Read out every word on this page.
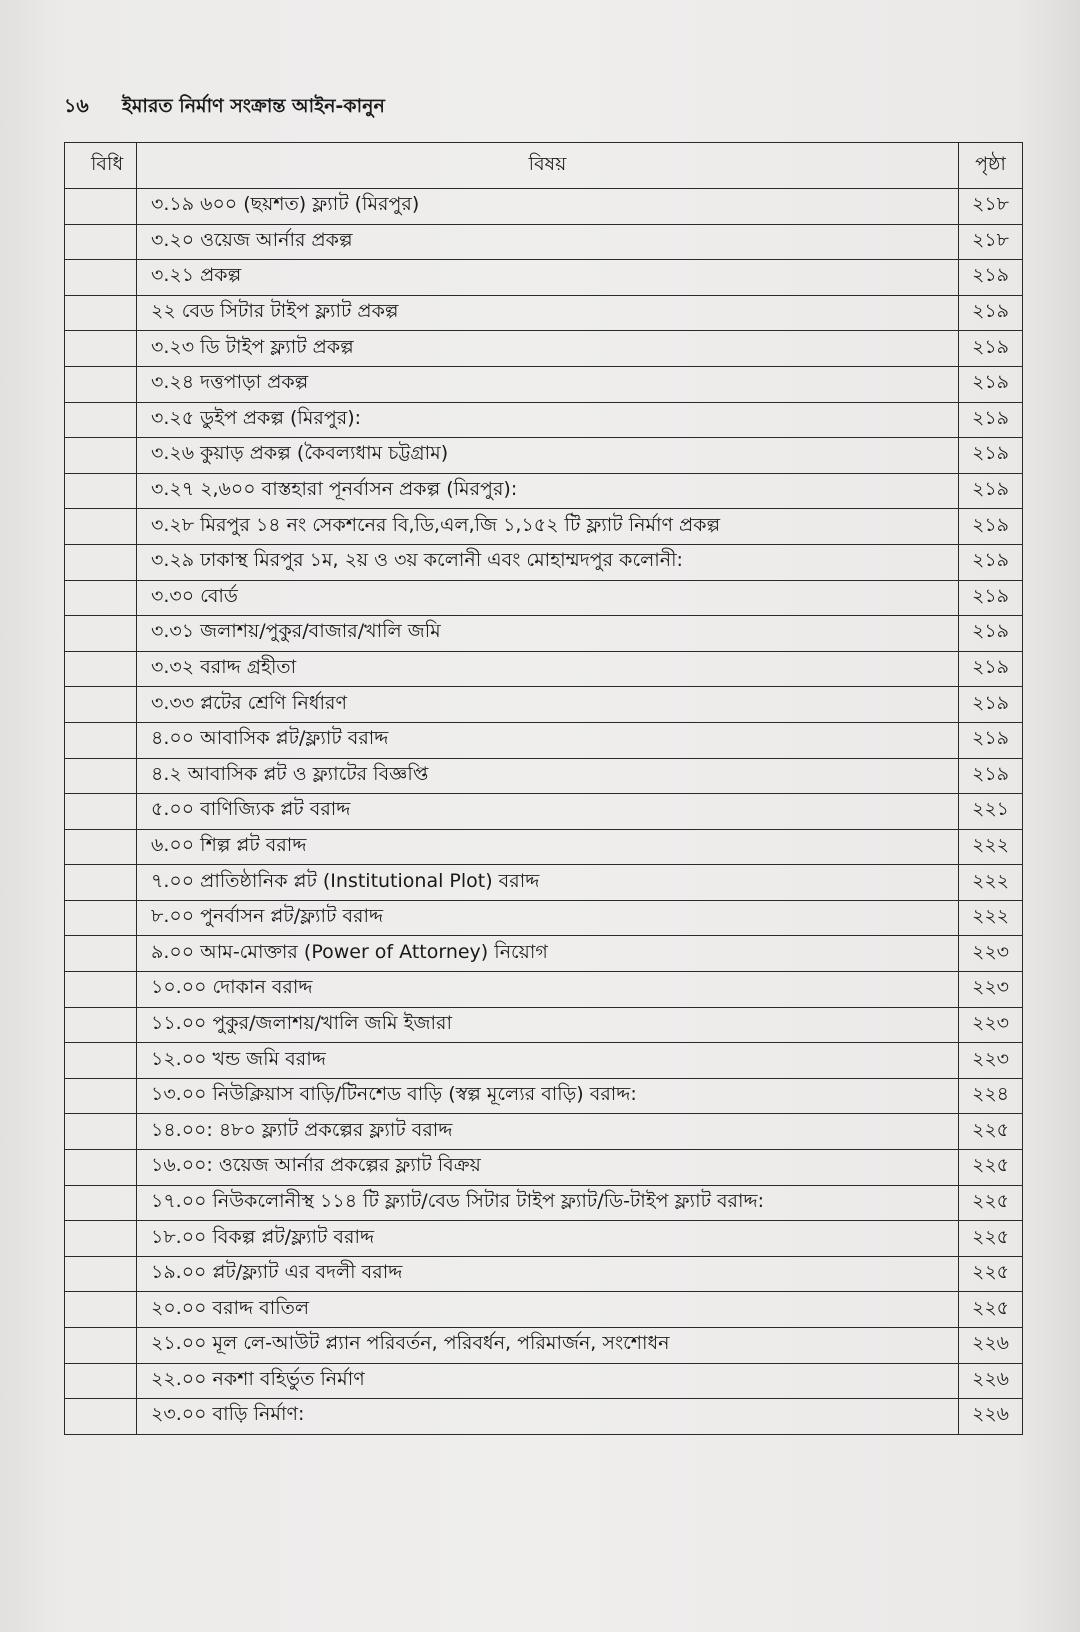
১৬ ইমারত নির্মাণ সংক্রান্ত আইন-কানুন
বিধি	বিষয়	পৃষ্ঠা
	৩.১৯ ৬০০ (ছয়শত) ফ্ল্যাট (মিরপুর)	২১৮
	৩.২০ ওয়েজ আর্নার প্রকল্প	২১৮
	৩.২১ প্রকল্প	২১৯
	২২ বেড সিটার টাইপ ফ্ল্যাট প্রকল্প	২১৯
	৩.২৩ ডি টাইপ ফ্ল্যাট প্রকল্প	২১৯
	৩.২৪ দত্তপাড়া প্রকল্প	২১৯
	৩.২৫ ডুইপ প্রকল্প (মিরপুর):	২১৯
	৩.২৬ কুয়াড় প্রকল্প (কৈবল্যধাম চট্টগ্রাম)	২১৯
	৩.২৭ ২,৬০০ বাস্তহারা পূনর্বাসন প্রকল্প (মিরপুর):	২১৯
	৩.২৮ মিরপুর ১৪ নং সেকশনের বি,ডি,এল,জি ১,১৫২ টি ফ্ল্যাট নির্মাণ প্রকল্প	২১৯
	৩.২৯ ঢাকাস্থ মিরপুর ১ম, ২য় ও ৩য় কলোনী এবং মোহাম্মদপুর কলোনী:	২১৯
	৩.৩০ বোর্ড	২১৯
	৩.৩১ জলাশয়/পুকুর/বাজার/খালি জমি	২১৯
	৩.৩২ বরাদ্দ গ্রহীতা	২১৯
	৩.৩৩ প্লটের শ্রেণি নির্ধারণ	২১৯
	৪.০০ আবাসিক প্লট/ফ্ল্যাট বরাদ্দ	২১৯
	৪.২ আবাসিক প্লট ও ফ্ল্যাটের বিজ্ঞপ্তি	২১৯
	৫.০০ বাণিজ্যিক প্লট বরাদ্দ	২২১
	৬.০০ শিল্প প্লট বরাদ্দ	২২২
	৭.০০ প্রাতিষ্ঠানিক প্লট (Institutional Plot) বরাদ্দ	২২২
	৮.০০ পুনর্বাসন প্লট/ফ্ল্যাট বরাদ্দ	২২২
	৯.০০ আম-মোক্তার (Power of Attorney) নিয়োগ	২২৩
	১০.০০ দোকান বরাদ্দ	২২৩
	১১.০০ পুকুর/জলাশয়/খালি জমি ইজারা	২২৩
	১২.০০ খন্ড জমি বরাদ্দ	২২৩
	১৩.০০ নিউক্লিয়াস বাড়ি/টিনশেড বাড়ি (স্বল্প মূল্যের বাড়ি) বরাদ্দ:	২২৪
	১৪.০০: ৪৮০ ফ্ল্যাট প্রকল্পের ফ্ল্যাট বরাদ্দ	২২৫
	১৬.০০: ওয়েজ আর্নার প্রকল্পের ফ্ল্যাট বিক্রয়	২২৫
	১৭.০০ নিউকলোনীস্থ ১১৪ টি ফ্ল্যাট/বেড সিটার টাইপ ফ্ল্যাট/ডি-টাইপ ফ্ল্যাট বরাদ্দ:	২২৫
	১৮.০০ বিকল্প প্লট/ফ্ল্যাট বরাদ্দ	২২৫
	১৯.০০ প্লট/ফ্ল্যাট এর বদলী বরাদ্দ	২২৫
	২০.০০ বরাদ্দ বাতিল	২২৫
	২১.০০ মূল লে-আউট প্ল্যান পরিবর্তন, পরিবর্ধন, পরিমার্জন, সংশোধন	২২৬
	২২.০০ নকশা বহির্ভুত নির্মাণ	২২৬
	২৩.০০ বাড়ি নির্মাণ:	২২৬
